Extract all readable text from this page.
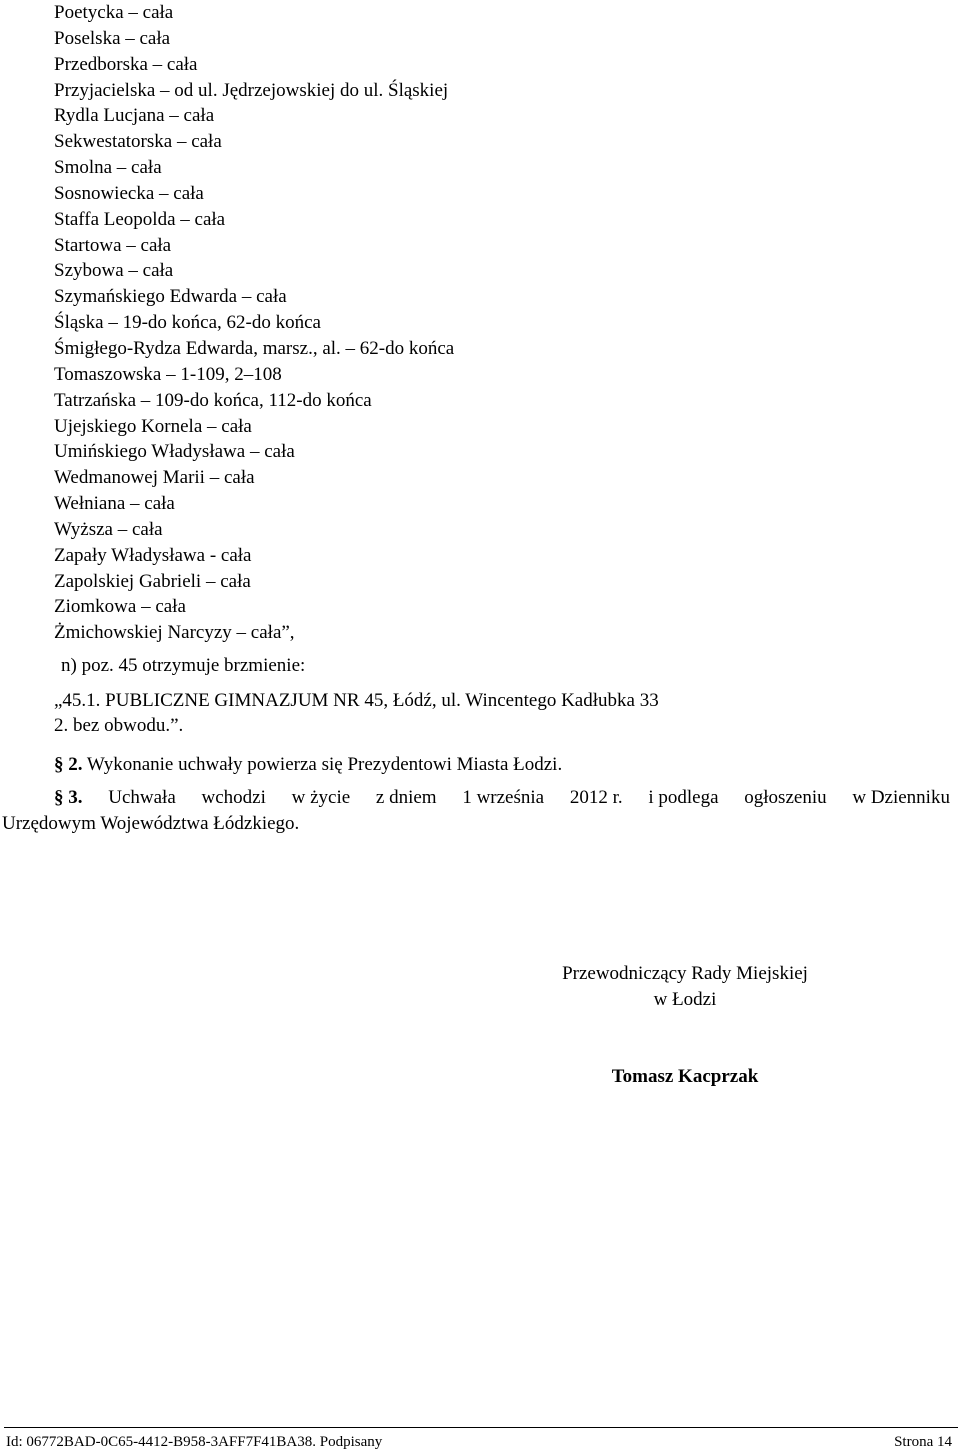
Poetycka – cała
Poselska – cała
Przedborska – cała
Przyjacielska – od ul. Jędrzejowskiej do ul. Śląskiej
Rydla Lucjana – cała
Sekwestatorska – cała
Smolna – cała
Sosnowiecka – cała
Staffa Leopolda – cała
Startowa – cała
Szybowa – cała
Szymańskiego Edwarda – cała
Śląska – 19-do końca, 62-do końca
Śmigłego-Rydza Edwarda, marsz., al. – 62-do końca
Tomaszowska – 1-109, 2–108
Tatrzańska – 109-do końca, 112-do końca
Ujejskiego Kornela – cała
Umińskiego Władysława – cała
Wedmanowej Marii – cała
Wełniana – cała
Wyższa – cała
Zapały Władysława - cała
Zapolskiej Gabrieli – cała
Ziomkowa – cała
Żmichowskiej Narcyzy – cała”,
n) poz. 45 otrzymuje brzmienie:
„45.1. PUBLICZNE GIMNAZJUM NR 45, Łódź, ul. Wincentego Kadłubka 33
2. bez obwodu.”.
§ 2. Wykonanie uchwały powierza się Prezydentowi Miasta Łodzi.
§ 3. Uchwała wchodzi w życie z dniem 1 września 2012 r. i podlega ogłoszeniu w Dzienniku
Urzędowym Województwa Łódzkiego.
Przewodniczący Rady Miejskiej
w Łodzi
Tomasz Kacprzak
Id: 06772BAD-0C65-4412-B958-3AFF7F41BA38. Podpisany	Strona 14
